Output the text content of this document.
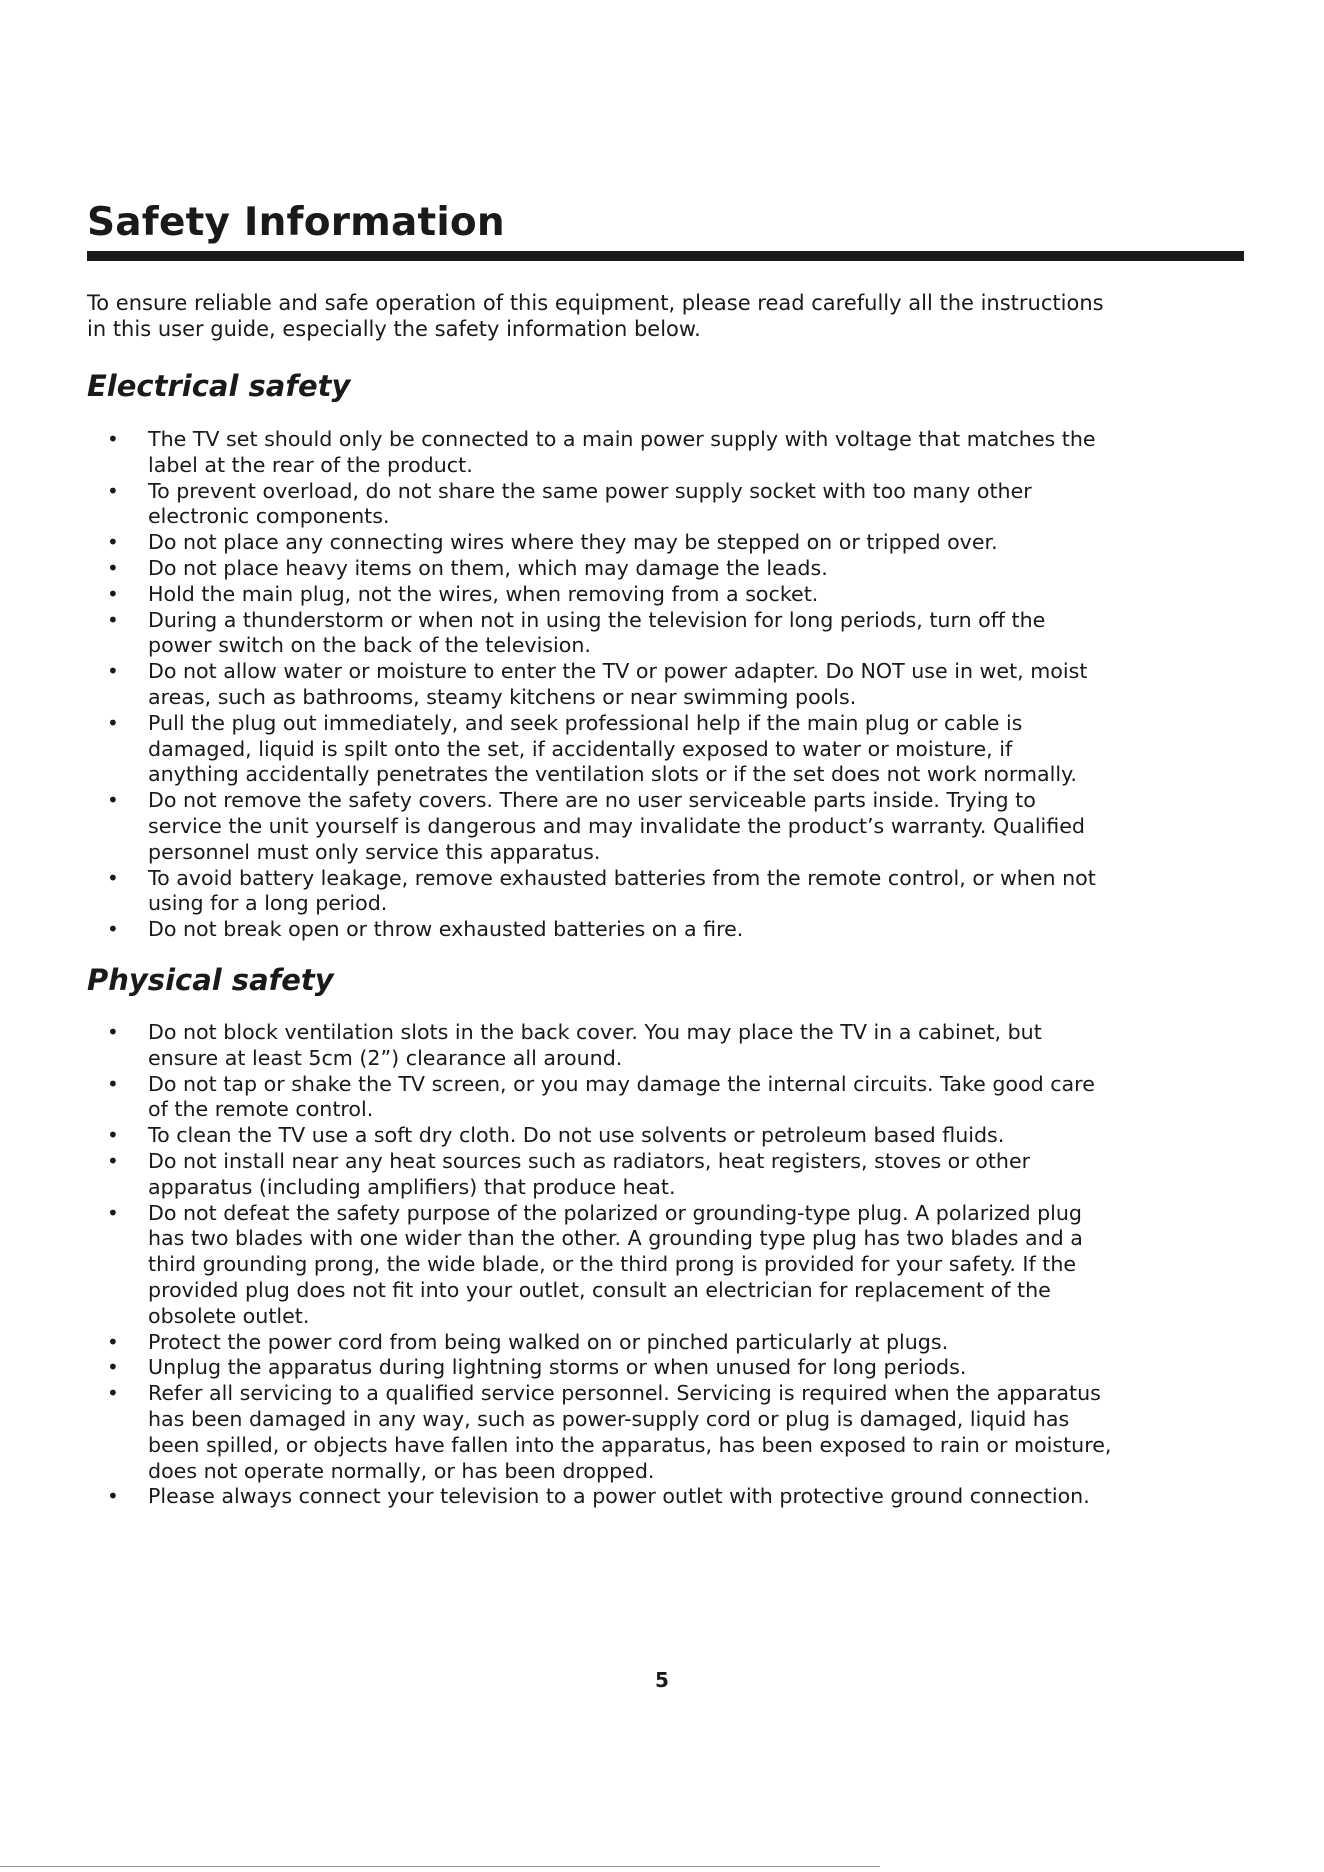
Safety Information

To ensure reliable and safe operation of this equipment, please read carefully all the instructions
in this user guide, especially the safety information below.

Electrical safety
• The TV set should only be connected to a main power supply with voltage that matches the
label at the rear of the product.
• To prevent overload, do not share the same power supply socket with too many other
electronic components.
• Do not place any connecting wires where they may be stepped on or tripped over.
• Do not place heavy items on them, which may damage the leads.
• Hold the main plug, not the wires, when removing from a socket.
• During a thunderstorm or when not in using the television for long periods, turn off the
power switch on the back of the television.
• Do not allow water or moisture to enter the TV or power adapter. Do NOT use in wet, moist
areas, such as bathrooms, steamy kitchens or near swimming pools.
• Pull the plug out immediately, and seek professional help if the main plug or cable is
damaged, liquid is spilt onto the set, if accidentally exposed to water or moisture, if
anything accidentally penetrates the ventilation slots or if the set does not work normally.
• Do not remove the safety covers. There are no user serviceable parts inside. Trying to
service the unit yourself is dangerous and may invalidate the product’s warranty. Qualified
personnel must only service this apparatus.
• To avoid battery leakage, remove exhausted batteries from the remote control, or when not
using for a long period.
• Do not break open or throw exhausted batteries on a fire.
Physical safety
• Do not block ventilation slots in the back cover. You may place the TV in a cabinet, but
ensure at least 5cm (2”) clearance all around.
• Do not tap or shake the TV screen, or you may damage the internal circuits. Take good care
of the remote control.
• To clean the TV use a soft dry cloth. Do not use solvents or petroleum based fluids.
• Do not install near any heat sources such as radiators, heat registers, stoves or other
apparatus (including amplifiers) that produce heat.
• Do not defeat the safety purpose of the polarized or grounding-type plug. A polarized plug
has two blades with one wider than the other. A grounding type plug has two blades and a
third grounding prong, the wide blade, or the third prong is provided for your safety. If the
provided plug does not fit into your outlet, consult an electrician for replacement of the
obsolete outlet.
• Protect the power cord from being walked on or pinched particularly at plugs.
• Unplug the apparatus during lightning storms or when unused for long periods.
• Refer all servicing to a qualified service personnel. Servicing is required when the apparatus
has been damaged in any way, such as power-supply cord or plug is damaged, liquid has
been spilled, or objects have fallen into the apparatus, has been exposed to rain or moisture,
does not operate normally, or has been dropped.
• Please always connect your television to a power outlet with protective ground connection.
5
